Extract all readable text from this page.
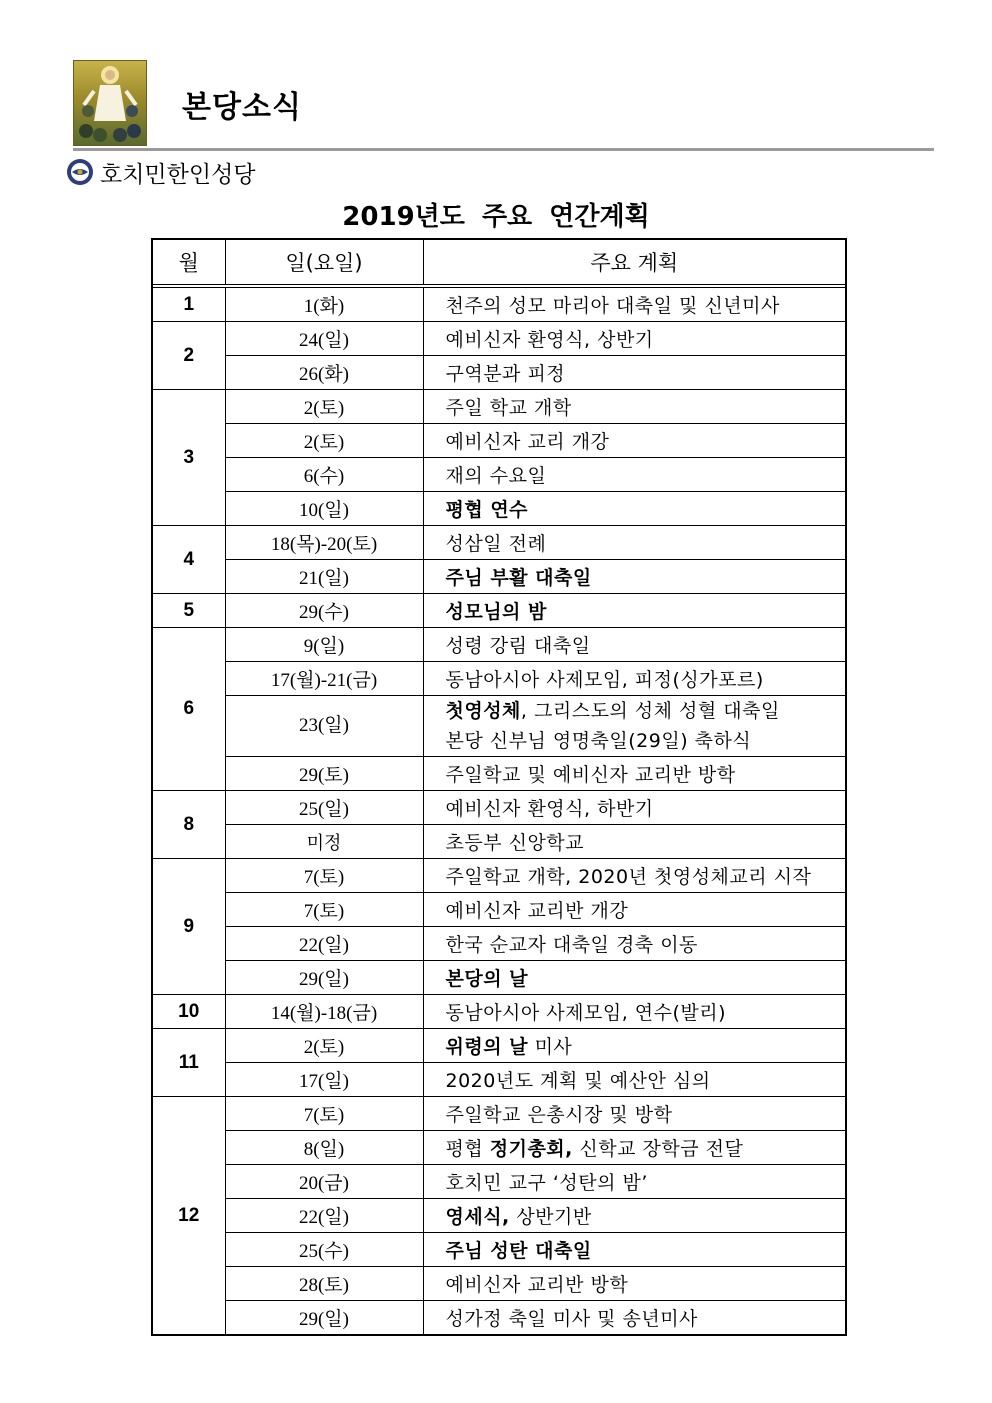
본당소식
호치민한인성당
2019년도 주요 연간계획
월	일(요일)	주요 계획

1	1(화)	천주의 성모 마리아 대축일 및 신년미사
2	24(일)	예비신자 환영식, 상반기
	26(화)	구역분과 피정
3	2(토)	주일 학교 개학
	2(토)	예비신자 교리 개강
	6(수)	재의 수요일
	10(일)	평협 연수
4	18(목)-20(토)	성삼일 전례
	21(일)	주님 부활 대축일
5	29(수)	성모님의 밤
6	9(일)	성령 강림 대축일
	17(월)-21(금)	동남아시아 사제모임, 피정(싱가포르)
	23(일)	첫영성체, 그리스도의 성체 성혈 대축일
본당 신부님 영명축일(29일) 축하식
	29(토)	주일학교 및 예비신자 교리반 방학
8	25(일)	예비신자 환영식, 하반기
	미정	초등부 신앙학교
9	7(토)	주일학교 개학, 2020년 첫영성체교리 시작
	7(토)	예비신자 교리반 개강
	22(일)	한국 순교자 대축일 경축 이동
	29(일)	본당의 날
10	14(월)-18(금)	동남아시아 사제모임, 연수(발리)
11	2(토)	위령의 날 미사
	17(일)	2020년도 계획 및 예산안 심의
12	7(토)	주일학교 은총시장 및 방학
	8(일)	평협 정기총회, 신학교 장학금 전달
	20(금)	호치민 교구 ‘성탄의 밤’
	22(일)	영세식, 상반기반
	25(수)	주님 성탄 대축일
	28(토)	예비신자 교리반 방학
	29(일)	성가정 축일 미사 및 송년미사
